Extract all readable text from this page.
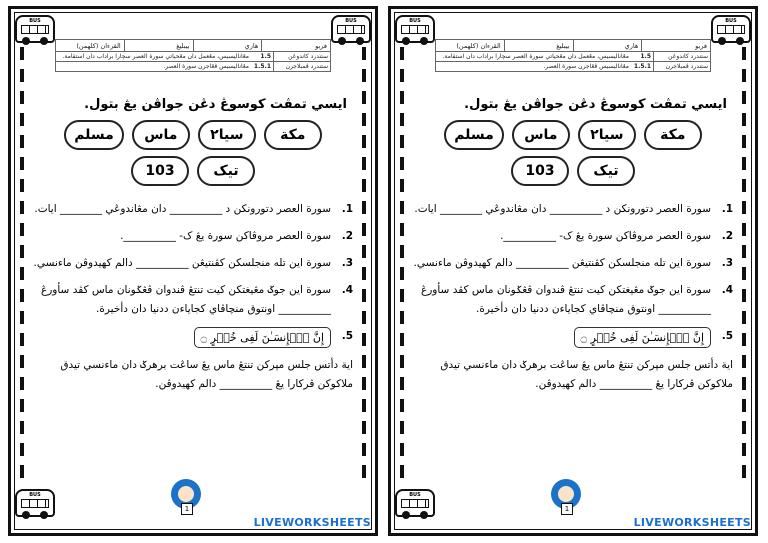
BUS	BUS
BUS
فربو
هاري
بيبليغ
القرءان (كلهمن)
ستندرد كاندوڠن
1.5
مڠاناليسيس، مڠعمل دان مڠحياتي سورة العصر سچارا براداب دان استقامة.
ستندرد ڤمبلاجرن
1.5.1
مڠاناليسيس ڤڠاجرن سورة العصر.
ايسي تمڤت كوسوڠ دڠن جواڤن يڠ بتول.
مكة
سيا٢
ماس
مسلم
تيک
103
1.
سورة العصر دتورونکن د __________ دان مڠاندوڠي ________ ايات.
2.
سورة العصر مروڤاکن سورة يڠ ک- __________.
3.
سورة اين تله منجلسكن كڤنتيڠن __________ دالم كهيدوڤن ماءنسي.
4.
سورة اين جوݢ مڠيغتكن كيت تنتڠ ڤندوان ڤڠݢونان ماس كڤد سأورڠ __________ اونتوق منچاڤاي كجاياءن ددنيا دان دأخيرة.
5.
إِنَّ ٱلۡإِنسَـٰنَ لَفِى خُسۡرٍ ۝
اية دأتس جلس مڽرکن تنتڠ ماس يڠ ساڠت برهرݢ دان ماءنسي تيدق ملاكوكن ڤركارا يڠ __________ دالم كهيدوڤن.
1
LIVEWORKSHEETS
BUS	BUS
BUS
فربو
هاري
بيبليغ
القرءان (كلهمن)
ستندرد كاندوڠن
1.5
مڠاناليسيس، مڠعمل دان مڠحياتي سورة العصر سچارا براداب دان استقامة.
ستندرد ڤمبلاجرن
1.5.1
مڠاناليسيس ڤڠاجرن سورة العصر.
ايسي تمڤت كوسوڠ دڠن جواڤن يڠ بتول.
مكة
سيا٢
ماس
مسلم
تيک
103
1.
سورة العصر دتورونکن د __________ دان مڠاندوڠي ________ ايات.
2.
سورة العصر مروڤاکن سورة يڠ ک- __________.
3.
سورة اين تله منجلسكن كڤنتيڠن __________ دالم كهيدوڤن ماءنسي.
4.
سورة اين جوݢ مڠيغتكن كيت تنتڠ ڤندوان ڤڠݢونان ماس كڤد سأورڠ __________ اونتوق منچاڤاي كجاياءن ددنيا دان دأخيرة.
5.
إِنَّ ٱلۡإِنسَـٰنَ لَفِى خُسۡرٍ ۝
اية دأتس جلس مڽرکن تنتڠ ماس يڠ ساڠت برهرݢ دان ماءنسي تيدق ملاكوكن ڤركارا يڠ __________ دالم كهيدوڤن.
1
LIVEWORKSHEETS
